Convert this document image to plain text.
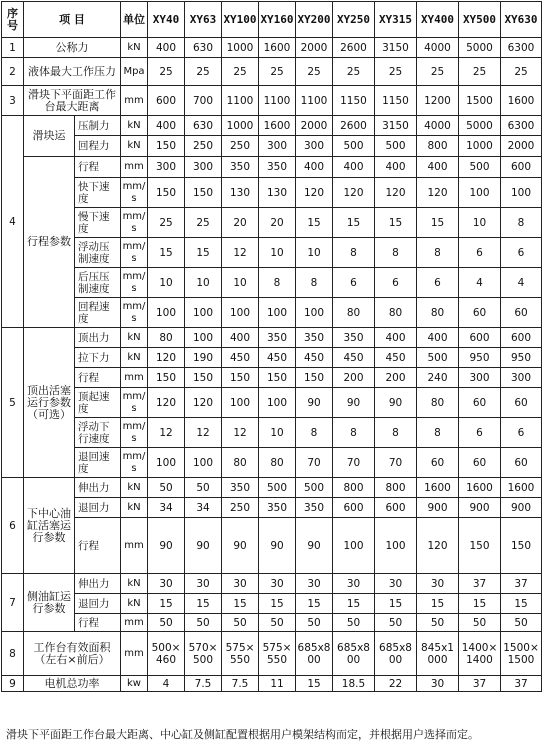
序号	项 目		单位	XY40	XY63	XY100	XY160	XY200	XY250	XY315	XY400	XY500	XY630
1	公称力		kN	400	630	1000	1600	2000	2600	3150	4000	5000	6300
2	液体最大工作压力		Mpa	25	25	25	25	25	25	25	25	25	25
3	滑块下平面距工作台最大距离		mm	600	700	1100	1100	1100	1150	1150	1200	1500	1600
4	滑块运	压制力	kN	400	630	1000	1600	2000	2600	3150	4000	5000	6300
		回程力	kN	150	250	250	300	300	500	500	800	1000	2000
	行程参数	行程	mm	300	300	350	350	400	400	400	400	500	600
		快下速度	mm/s	150	150	130	130	120	120	120	120	100	100
		慢下速度	mm/s	25	25	20	20	15	15	15	15	10	8
		浮动压制速度	mm/s	15	15	12	10	10	8	8	8	6	6
		后压压制速度	mm/s	10	10	10	8	8	6	6	6	4	4
		回程速度	mm/s	100	100	100	100	100	80	80	80	60	60
5	顶出活塞运行参数（可选）	顶出力	kN	80	100	400	350	350	350	400	400	600	600
		拉下力	kN	120	190	450	450	450	450	450	500	950	950
		行程	mm	150	150	150	150	150	200	200	240	300	300
		顶起速度	mm/s	120	120	100	100	90	90	90	80	60	60
		浮动下行速度	mm/s	12	12	12	10	8	8	8	8	6	6
		退回速度	mm/s	100	100	80	80	70	70	70	60	60	60
6	下中心油缸活塞运行参数	伸出力	kN	50	50	350	500	500	800	800	1600	1600	1600
		退回力	kN	34	34	250	350	350	600	600	900	900	900
		行程	mm	90	90	90	90	90	100	100	120	150	150
7	侧油缸运行参数	伸出力	kN	30	30	30	30	30	30	30	30	37	37
		退回力	kN	15	15	15	15	15	15	15	15	15	15
		行程	mm	50	50	50	50	50	50	50	50	50	50
8	工作台有效面积（左右×前后）		mm	500×460	570×500	575×550	575×550	685x800	685x800	685x800	845x1000	1400×1400	1500×1500
9	电机总功率		kw	4	7.5	7.5	11	15	18.5	22	30	37	37
滑块下平面距工作台最大距离、中心缸及侧缸配置根据用户模架结构而定，并根据用户选择而定。
